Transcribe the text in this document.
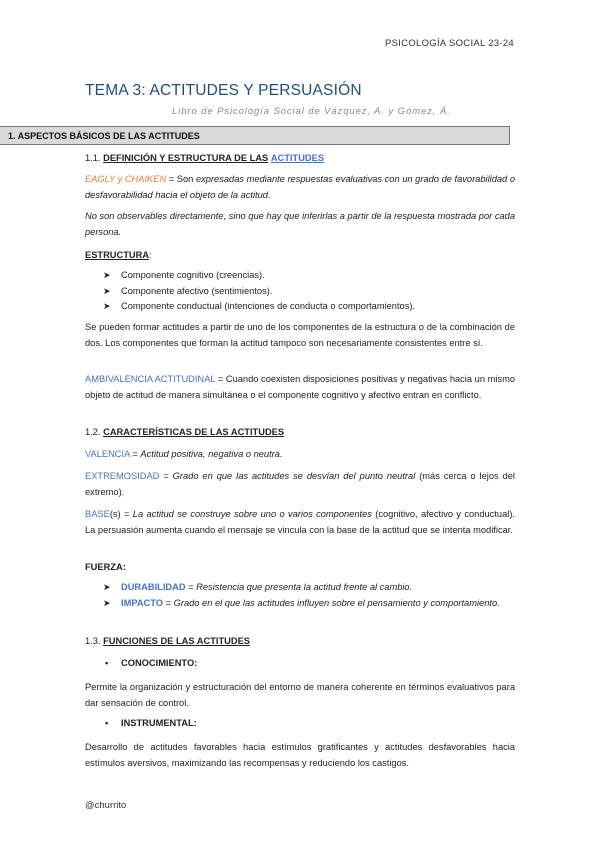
PSICOLOGÍA SOCIAL 23-24
TEMA 3: ACTITUDES Y PERSUASIÓN
Libro de Psicología Social de Vázquez, A. y Gómez, Á.
1. ASPECTOS BÁSICOS DE LAS ACTITUDES
1.1. DEFINICIÓN Y ESTRUCTURA DE LAS ACTITUDES
EAGLY y CHAIKEN = Son expresadas mediante respuestas evaluativas con un grado de favorabilidad o desfavorabilidad hacia el objeto de la actitud.
No son observables directamente, sino que hay que inferirlas a partir de la respuesta mostrada por cada persona.
ESTRUCTURA:
➤ Componente cognitivo (creencias).
➤ Componente afectivo (sentimientos).
➤ Componente conductual (intenciones de conducta o comportamientos).
Se pueden formar actitudes a partir de uno de los componentes de la estructura o de la combinación de dos. Los componentes que forman la actitud tampoco son necesariamente consistentes entre sí.
AMBIVALENCIA ACTITUDINAL = Cuando coexisten disposiciones positivas y negativas hacia un mismo objeto de actitud de manera simultánea o el componente cognitivo y afectivo entran en conflicto.
1.2. CARACTERÍSTICAS DE LAS ACTITUDES
VALENCIA = Actitud positiva, negativa o neutra.
EXTREMOSIDAD = Grado en que las actitudes se desvían del punto neutral (más cerca o lejos del extremo).
BASE(s) = La actitud se construye sobre uno o varios componentes (cognitivo, afectivo y conductual). La persuasión aumenta cuando el mensaje se vincula con la base de la actitud que se intenta modificar.
FUERZA:
➤ DURABILIDAD = Resistencia que presenta la actitud frente al cambio.
➤ IMPACTO = Grado en el que las actitudes influyen sobre el pensamiento y comportamiento.
1.3. FUNCIONES DE LAS ACTITUDES
• CONOCIMIENTO:
Permite la organización y estructuración del entorno de manera coherente en términos evaluativos para dar sensación de control.
• INSTRUMENTAL:
Desarrollo de actitudes favorables hacia estímulos gratificantes y actitudes desfavorables hacia estímulos aversivos, maximizando las recompensas y reduciendo los castigos.
@churrito
